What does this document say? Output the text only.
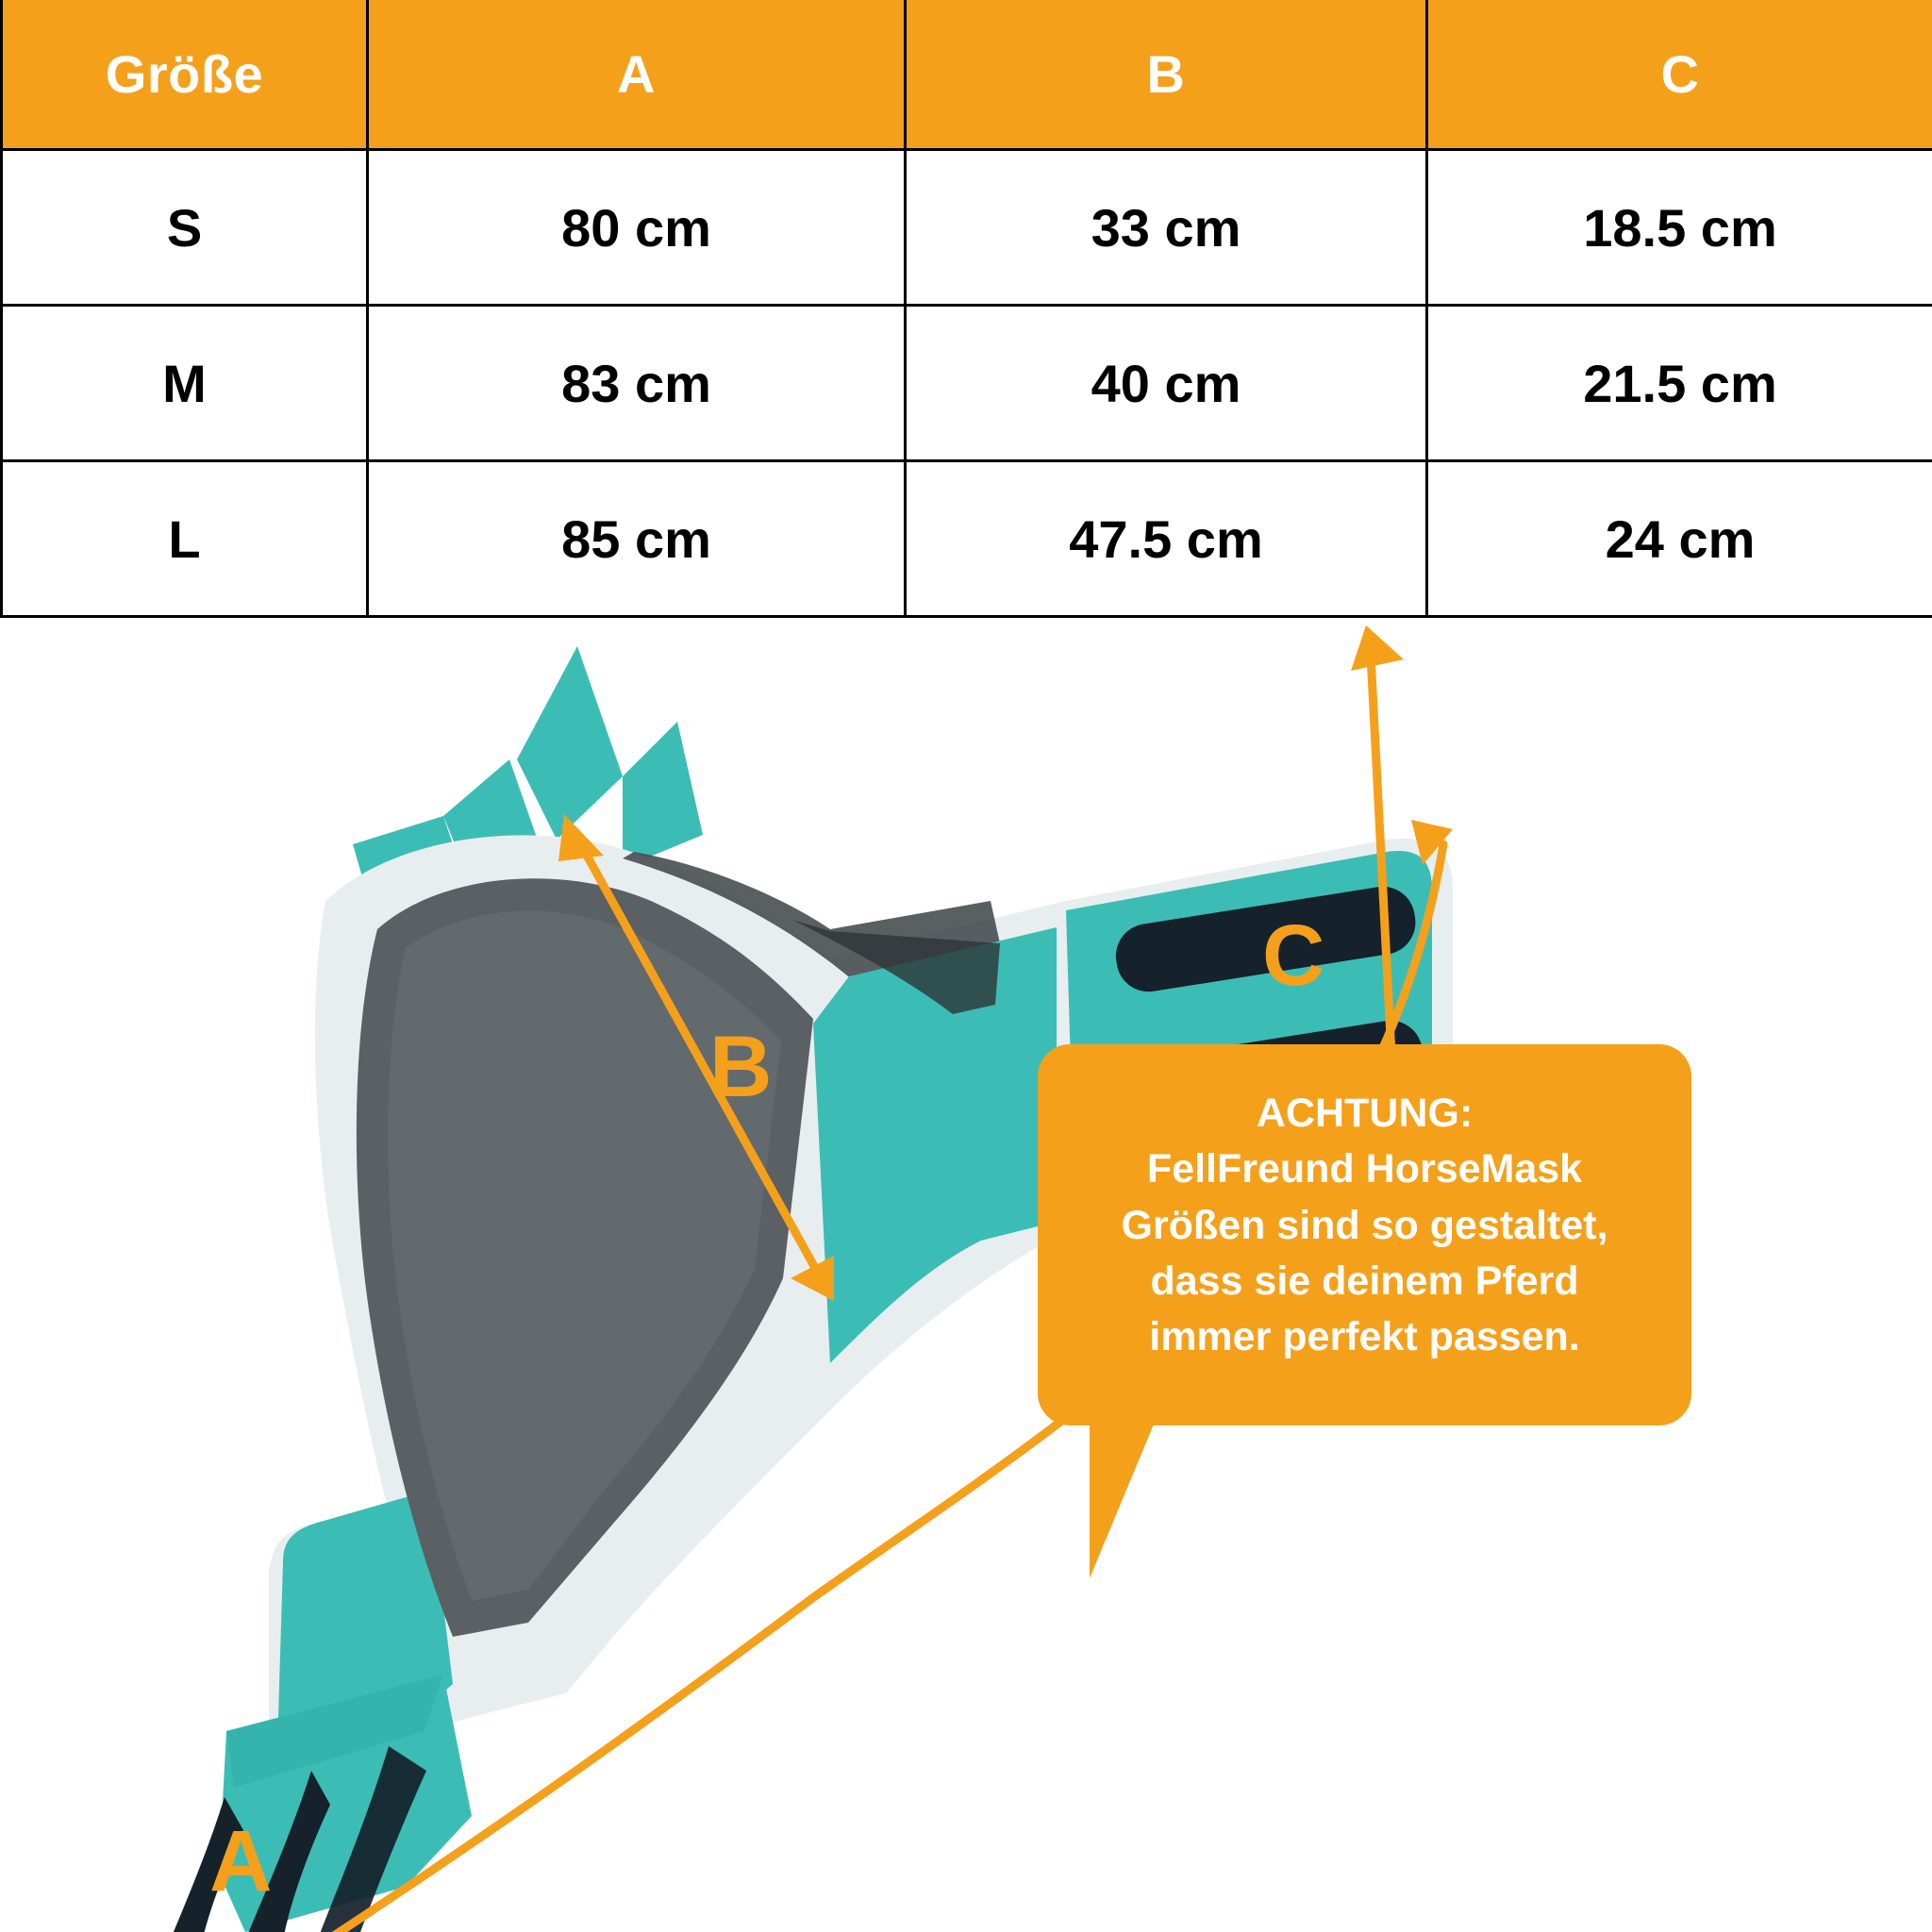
Größe	A	B	C
S	80 cm	33 cm	18.5 cm
M	83 cm	40 cm	21.5 cm
L	85 cm	47.5 cm	24 cm
A
B
C

ACHTUNG:

FellFreund HorseMask

Größen sind so gestaltet,

dass sie deinem Pferd

immer perfekt passen.
